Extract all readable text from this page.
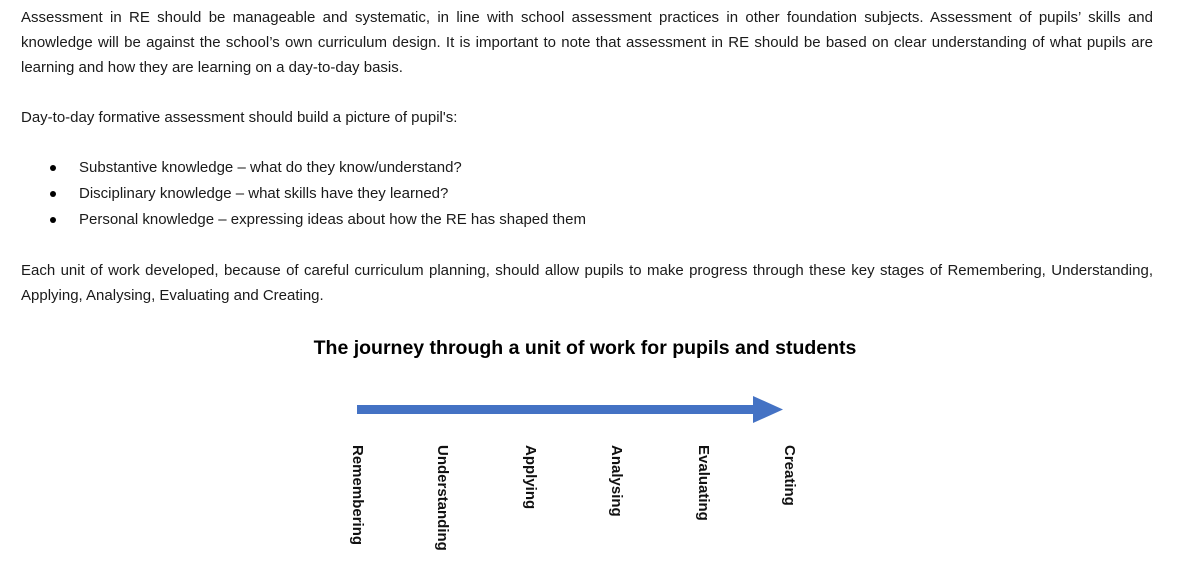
Assessment in RE should be manageable and systematic, in line with school assessment practices in other foundation subjects. Assessment of pupils’ skills and knowledge will be against the school’s own curriculum design. It is important to note that assessment in RE should be based on clear understanding of what pupils are learning and how they are learning on a day-to-day basis.

Day-to-day formative assessment should build a picture of pupil's:

Substantive knowledge – what do they know/understand?
Disciplinary knowledge – what skills have they learned?
Personal knowledge – expressing ideas about how the RE has shaped them

Each unit of work developed, because of careful curriculum planning, should allow pupils to make progress through these key stages of Remembering, Understanding, Applying, Analysing, Evaluating and Creating.

The journey through a unit of work for pupils and students

Remembering	Understanding	Applying	Analysing	Evaluating	Creating
